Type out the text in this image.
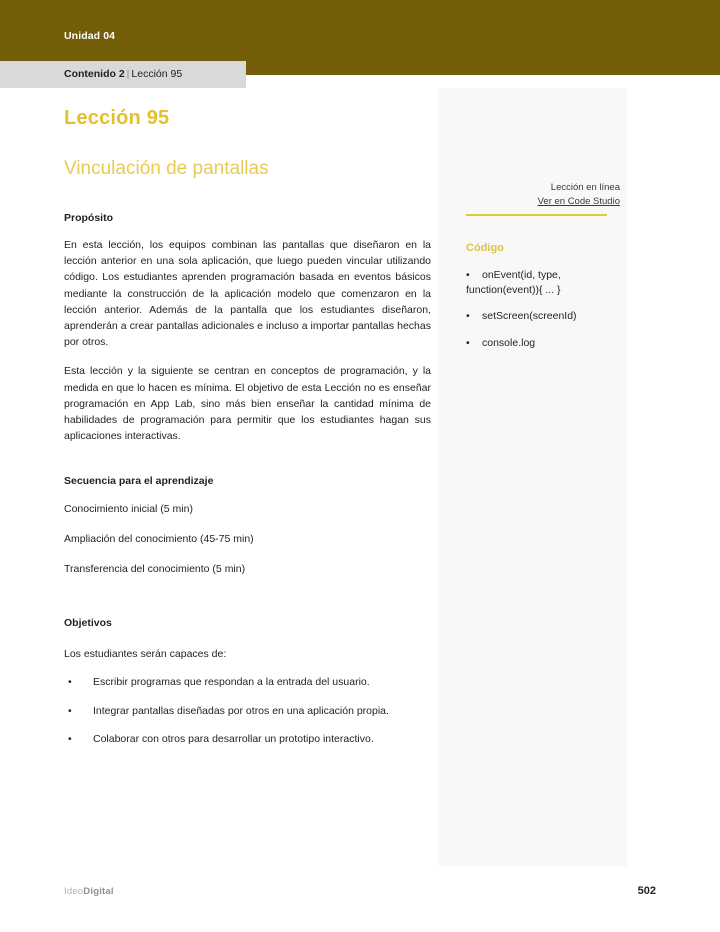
Unidad 04
Contenido 2 | Lección 95
Lección en línea
Ver en Code Studio
Código
•	onEvent(id, type, function(event)){ ... }
•	setScreen(screenId)
•	console.log
Lección 95
Vinculación de pantallas
Propósito

En esta lección, los equipos combinan las pantallas que diseñaron en la lección anterior en una sola aplicación, que luego pueden vincular utilizando código. Los estudiantes aprenden programación basada en eventos básicos mediante la construcción de la aplicación modelo que comenzaron en la lección anterior. Además de la pantalla que los estudiantes diseñaron, aprenderán a crear pantallas adicionales e incluso a importar pantallas hechas por otros.

Esta lección y la siguiente se centran en conceptos de programación, y la medida en que lo hacen es mínima. El objetivo de esta Lección no es enseñar programación en App Lab, sino más bien enseñar la cantidad mínima de habilidades de programación para permitir que los estudiantes hagan sus aplicaciones interactivas.

Secuencia para el aprendizaje
Conocimiento inicial (5 min)
Ampliación del conocimiento (45-75 min)
Transferencia del conocimiento (5 min)
Objetivos
Los estudiantes serán capaces de:
• Escribir programas que respondan a la entrada del usuario.
• Integrar pantallas diseñadas por otros en una aplicación propia.
• Colaborar con otros para desarrollar un prototipo interactivo.
IdeoDigital	502
